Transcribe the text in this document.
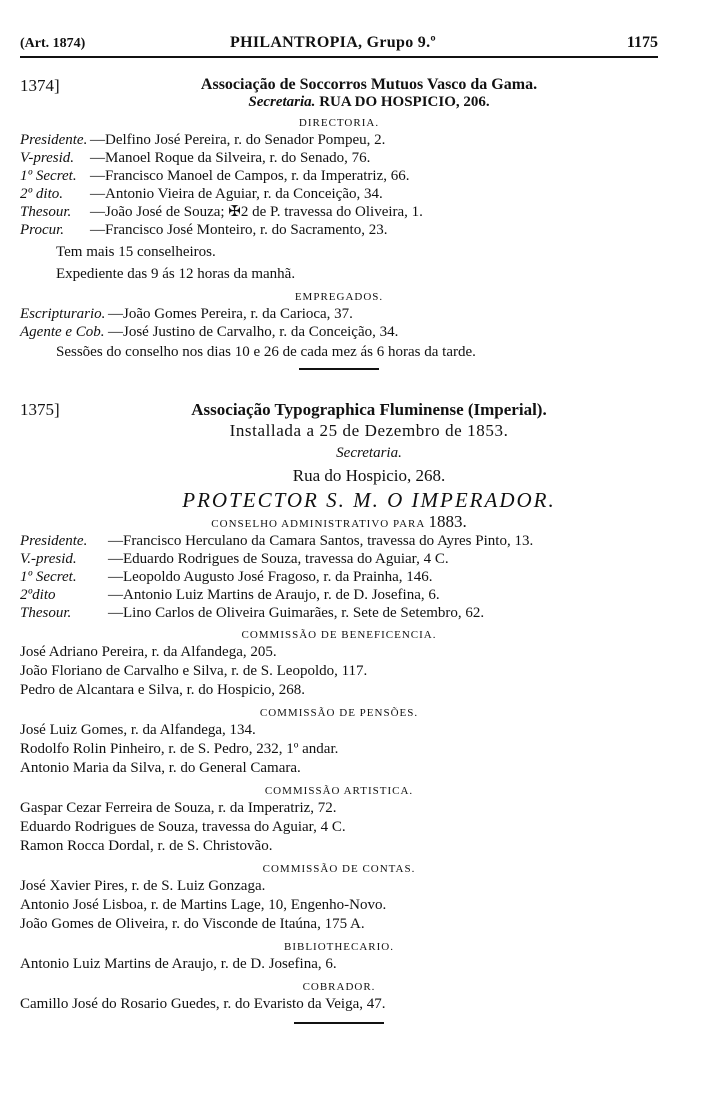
(Art. 1874)	PHILANTROPIA, Grupo 9.º	1175
1374]	Associação de Soccorros Mutuos Vasco da Gama.
Secretaria. RUA DO HOSPICIO, 206.
DIRECTORIA.
Presidente. —Delfino José Pereira, r. do Senador Pompeu, 2.
V-presid.	—Manoel Roque da Silveira, r. do Senado, 76.
1º Secret. —Francisco Manoel de Campos, r. da Imperatriz, 66.
2º dito.	—Antonio Vieira de Aguiar, r. da Conceição, 34.
Thesour.	—João José de Souza; ✠2 de P. travessa do Oliveira, 1.
Procur.	—Francisco José Monteiro, r. do Sacramento, 23.
Tem mais 15 conselheiros.
Expediente das 9 ás 12 horas da manhã.
EMPREGADOS.
Escripturario. —João Gomes Pereira, r. da Carioca, 37.
Agente e Cob. —José Justino de Carvalho, r. da Conceição, 34.
Sessões do conselho nos dias 10 e 26 de cada mez ás 6 horas da tarde.
1375]	Associação Typographica Fluminense (Imperial).
Installada a 25 de Dezembro de 1853.
Secretaria.
Rua do Hospicio, 268.
PROTECTOR S. M. O IMPERADOR.
CONSELHO ADMINISTRATIVO PARA 1883.
Presidente.	—Francisco Herculano da Camara Santos, travessa do Ayres Pinto, 13.
V.-presid.	—Eduardo Rodrigues de Souza, travessa do Aguiar, 4 C.
1º Secret.	—Leopoldo Augusto José Fragoso, r. da Prainha, 146.
2ºdito	—Antonio Luiz Martins de Araujo, r. de D. Josefina, 6.
Thesour.	—Lino Carlos de Oliveira Guimarães, r. Sete de Setembro, 62.
COMMISSÃO DE BENEFICENCIA.
José Adriano Pereira, r. da Alfandega, 205.
João Floriano de Carvalho e Silva, r. de S. Leopoldo, 117.
Pedro de Alcantara e Silva, r. do Hospicio, 268.
COMMISSÃO DE PENSÕES.
José Luiz Gomes, r. da Alfandega, 134.
Rodolfo Rolin Pinheiro, r. de S. Pedro, 232, 1º andar.
Antonio Maria da Silva, r. do General Camara.
COMMISSÃO ARTISTICA.
Gaspar Cezar Ferreira de Souza, r. da Imperatriz, 72.
Eduardo Rodrigues de Souza, travessa do Aguiar, 4 C.
Ramon Rocca Dordal, r. de S. Christovão.
COMMISSÃO DE CONTAS.
José Xavier Pires, r. de S. Luiz Gonzaga.
Antonio José Lisboa, r. de Martins Lage, 10, Engenho-Novo.
João Gomes de Oliveira, r. do Visconde de Itaúna, 175 A.
BIBLIOTHECARIO.
Antonio Luiz Martins de Araujo, r. de D. Josefina, 6.
COBRADOR.
Camillo José do Rosario Guedes, r. do Evaristo da Veiga, 47.
